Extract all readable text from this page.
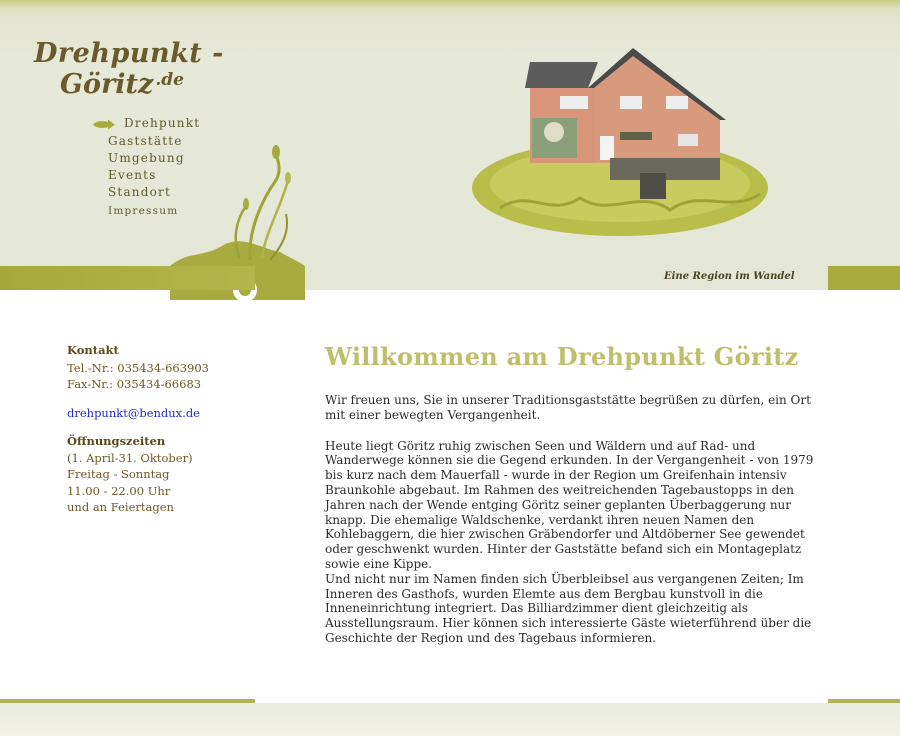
Drehpunkt -
Göritz $^{.de}$
Drehpunkt
Gaststätte
Umgebung
Events
Standort
Impressum
Eine Region im Wandel
Kontakt
Tel.-Nr.: 035434-663903
Fax-Nr.: 035434-66683
drehpunkt@bendux.de
Öffnungszeiten
(1. April-31. Oktober)
Freitag - Sonntag
11.00 - 22.00 Uhr
und an Feiertagen
Willkommen am Drehpunkt Göritz

Wir freuen uns, Sie in unserer Traditionsgaststätte begrüßen zu dürfen, ein Ort mit einer bewegten Vergangenheit.

Heute liegt Göritz ruhig zwischen Seen und Wäldern und auf Rad- und Wanderwege können sie die Gegend erkunden. In der Vergangenheit - von 1979 bis kurz nach dem Mauerfall - wurde in der Region um Greifenhain intensiv Braunkohle abgebaut. Im Rahmen des weitreichenden Tagebaustopps in den Jahren nach der Wende entging Göritz seiner geplanten Überbaggerung nur knapp. Die ehemalige Waldschenke, verdankt ihren neuen Namen den Kohlebaggern, die hier zwischen Gräbendorfer und Altdöberner See gewendet oder geschwenkt wurden. Hinter der Gaststätte befand sich ein Montageplatz sowie eine Kippe.

Und nicht nur im Namen finden sich Überbleibsel aus vergangenen Zeiten; Im Inneren des Gasthofs, wurden Elemte aus dem Bergbau kunstvoll in die Inneneinrichtung integriert. Das Billiardzimmer dient gleichzeitig als Ausstellungsraum. Hier können sich interessierte Gäste wieterführend über die Geschichte der Region und des Tagebaus informieren.
